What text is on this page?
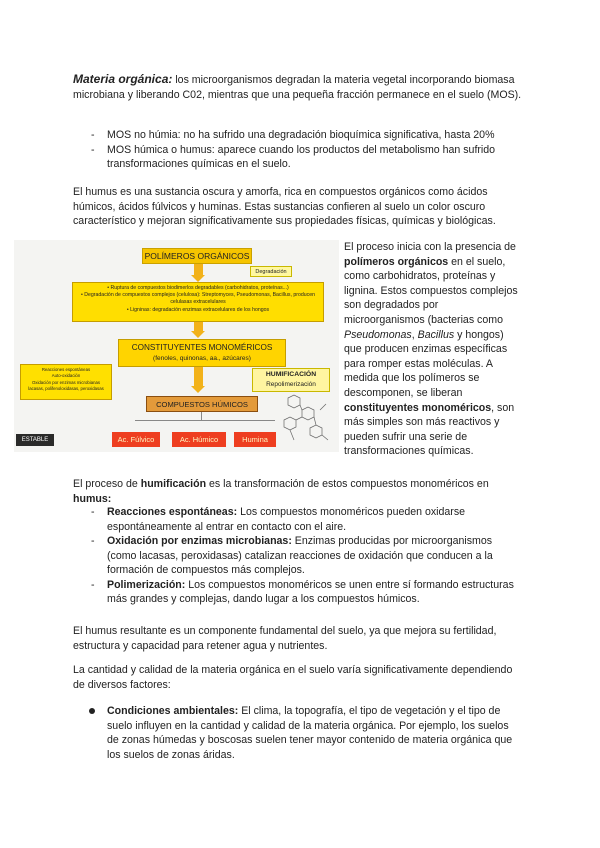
Materia orgánica: los microorganismos degradan la materia vegetal incorporando biomasa microbiana y liberando C02, mientras que una pequeña fracción permanece en el suelo (MOS).

- MOS no húmia: no ha sufrido una degradación bioquímica significativa, hasta 20%
- MOS húmica o humus: aparece cuando los productos del metabolismo han sufrido transformaciones químicas en el suelo.

El humus es una sustancia oscura y amorfa, rica en compuestos orgánicos como ácidos húmicos, ácidos fúlvicos y huminas. Estas sustancias confieren al suelo un color oscuro característico y mejoran significativamente sus propiedades físicas, químicas y biológicas.

POLÍMEROS ORGÁNICOS
Degradación
• Ruptura de compuestos biodimerlos degradables (carbohidratos, proteínas...)
• Degradación de compuestos complejos (celulosa): Streptomyces, Pseudomonas, Bacillus, producen celulasas extracelulares
• Ligninas: degradación enzimas extracelulares de los hongos
CONSTITUYENTES MONOMÉRICOS
(fenoles, quinonas, aa., azúcares)
Reacciones espontáneas
Auto-oxidación
Oxidación por enzimas microbianas
lacasas, polifenoloxidasas, peroxidasas
HUMIFICACIÓN
Repolimerización
COMPUESTOS HÚMICOS
ESTABLE	Ac. Fúlvico	Ac. Húmico	Humina

El proceso inicia con la presencia de polímeros orgánicos en el suelo, como carbohidratos, proteínas y lignina. Estos compuestos complejos son degradados por microorganismos (bacterias como Pseudomonas, Bacillus y hongos) que producen enzimas específicas para romper estas moléculas. A medida que los polímeros se descomponen, se liberan constituyentes monoméricos, son más simples son más reactivos y pueden sufrir una serie de transformaciones químicas.

El proceso de humificación es la transformación de estos compuestos monoméricos en humus:

- Reacciones espontáneas: Los compuestos monoméricos pueden oxidarse espontáneamente al entrar en contacto con el aire.
- Oxidación por enzimas microbianas: Enzimas producidas por microorganismos (como lacasas, peroxidasas) catalizan reacciones de oxidación que conducen a la formación de compuestos más complejos.
- Polimerización: Los compuestos monoméricos se unen entre sí formando estructuras más grandes y complejas, dando lugar a los compuestos húmicos.

El humus resultante es un componente fundamental del suelo, ya que mejora su fertilidad, estructura y capacidad para retener agua y nutrientes.

La cantidad y calidad de la materia orgánica en el suelo varía significativamente dependiendo de diversos factores:

Condiciones ambientales: El clima, la topografía, el tipo de vegetación y el tipo de suelo influyen en la cantidad y calidad de la materia orgánica. Por ejemplo, los suelos de zonas húmedas y boscosas suelen tener mayor contenido de materia orgánica que los suelos de zonas áridas.
